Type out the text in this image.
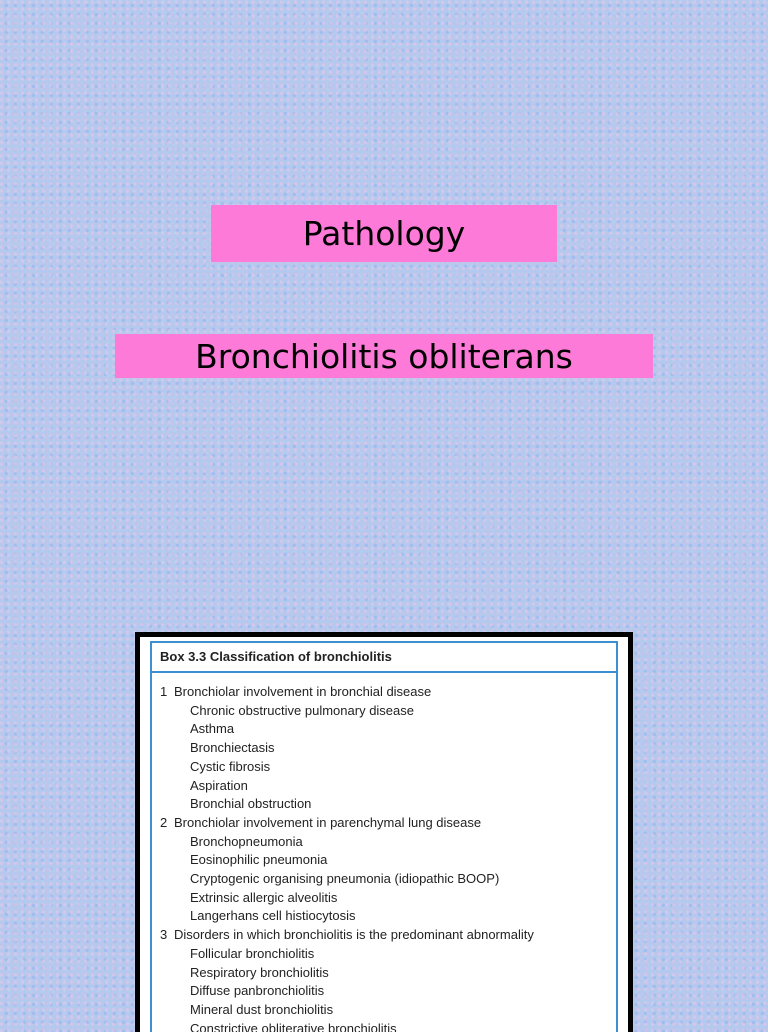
Pathology
Bronchiolitis obliterans
Box 3.3 Classification of bronchiolitis
1 Bronchiolar involvement in bronchial disease
Chronic obstructive pulmonary disease
Asthma
Bronchiectasis
Cystic fibrosis
Aspiration
Bronchial obstruction
2 Bronchiolar involvement in parenchymal lung disease
Bronchopneumonia
Eosinophilic pneumonia
Cryptogenic organising pneumonia (idiopathic BOOP)
Extrinsic allergic alveolitis
Langerhans cell histiocytosis
3 Disorders in which bronchiolitis is the predominant abnormality
Follicular bronchiolitis
Respiratory bronchiolitis
Diffuse panbronchiolitis
Mineral dust bronchiolitis
Constrictive obliterative bronchiolitis
